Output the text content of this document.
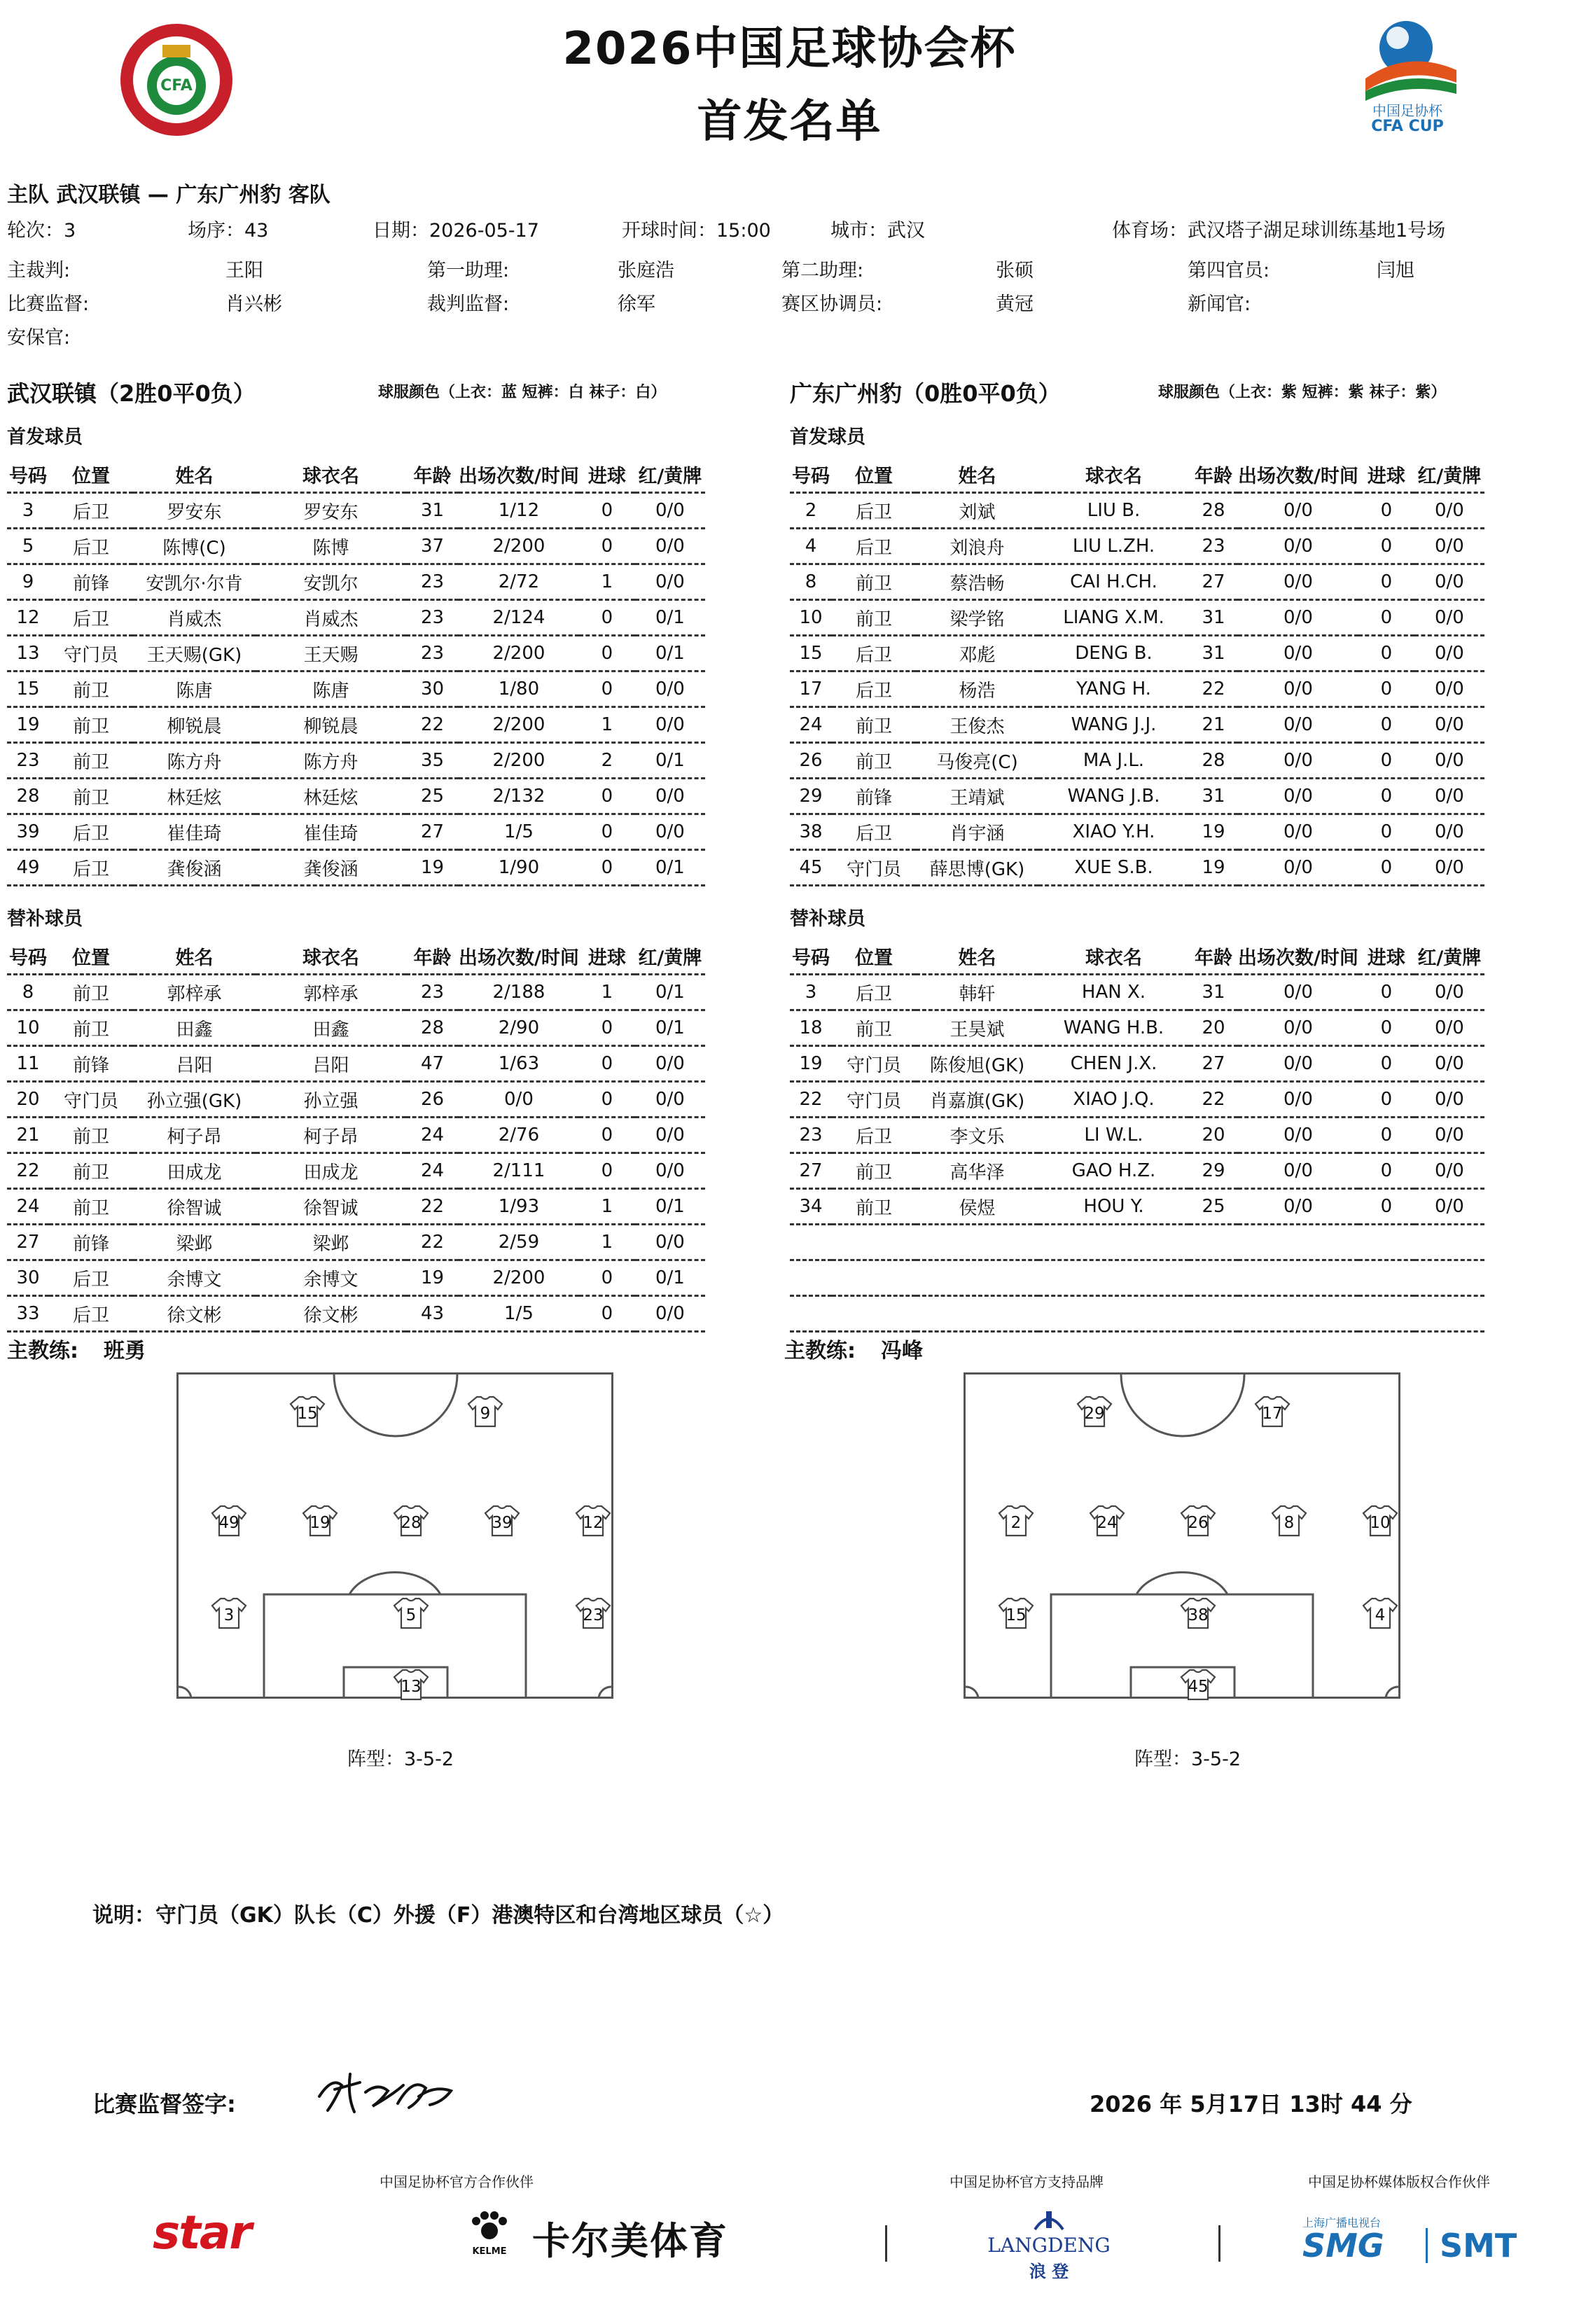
CFA
2026中国足球协会杯
首发名单	中国足协杯
CFA CUP
主队 武汉联镇 — 广东广州豹 客队
轮次：3	场序：43	日期：2026-05-17	开球时间：15:00	城市：武汉	体育场：武汉塔子湖足球训练基地1号场
主裁判:	王阳	第一助理:	张庭浩	第二助理:	张硕	第四官员:	闫旭
比赛监督:	肖兴彬	裁判监督:	徐军	赛区协调员:	黄冠	新闻官:
安保官:
武汉联镇（2胜0平0负）	球服颜色（上衣：蓝 短裤：白 袜子：白）	广东广州豹（0胜0平0负）	球服颜色（上衣：紫 短裤：紫 袜子：紫）
首发球员	首发球员
号码	位置	姓名	球衣名	年龄	出场次数/时间	进球	红/黄牌
3	后卫	罗安东	罗安东	31	1/12	0	0/0
5	后卫	陈博(C)	陈博	37	2/200	0	0/0
9	前锋	安凯尔·尔肯	安凯尔	23	2/72	1	0/0
12	后卫	肖威杰	肖威杰	23	2/124	0	0/1
13	守门员	王天赐(GK)	王天赐	23	2/200	0	0/1
15	前卫	陈唐	陈唐	30	1/80	0	0/0
19	前卫	柳锐晨	柳锐晨	22	2/200	1	0/0
23	前卫	陈方舟	陈方舟	35	2/200	2	0/1
28	前卫	林廷炫	林廷炫	25	2/132	0	0/0
39	后卫	崔佳琦	崔佳琦	27	1/5	0	0/0
49	后卫	龚俊涵	龚俊涵	19	1/90	0	0/1
号码	位置	姓名	球衣名	年龄	出场次数/时间	进球	红/黄牌
2	后卫	刘斌	LIU B.	28	0/0	0	0/0
4	后卫	刘浪舟	LIU L.ZH.	23	0/0	0	0/0
8	前卫	蔡浩畅	CAI H.CH.	27	0/0	0	0/0
10	前卫	梁学铭	LIANG X.M.	31	0/0	0	0/0
15	后卫	邓彪	DENG B.	31	0/0	0	0/0
17	后卫	杨浩	YANG H.	22	0/0	0	0/0
24	前卫	王俊杰	WANG J.J.	21	0/0	0	0/0
26	前卫	马俊亮(C)	MA J.L.	28	0/0	0	0/0
29	前锋	王靖斌	WANG J.B.	31	0/0	0	0/0
38	后卫	肖宇涵	XIAO Y.H.	19	0/0	0	0/0
45	守门员	薛思博(GK)	XUE S.B.	19	0/0	0	0/0
替补球员	替补球员
号码	位置	姓名	球衣名	年龄	出场次数/时间	进球	红/黄牌
8	前卫	郭梓承	郭梓承	23	2/188	1	0/1
10	前卫	田鑫	田鑫	28	2/90	0	0/1
11	前锋	吕阳	吕阳	47	1/63	0	0/0
20	守门员	孙立强(GK)	孙立强	26	0/0	0	0/0
21	前卫	柯子昂	柯子昂	24	2/76	0	0/0
22	前卫	田成龙	田成龙	24	2/111	0	0/0
24	前卫	徐智诚	徐智诚	22	1/93	1	0/1
27	前锋	梁邺	梁邺	22	2/59	1	0/0
30	后卫	余博文	余博文	19	2/200	0	0/1
33	后卫	徐文彬	徐文彬	43	1/5	0	0/0
号码	位置	姓名	球衣名	年龄	出场次数/时间	进球	红/黄牌
3	后卫	韩轩	HAN X.	31	0/0	0	0/0
18	前卫	王昊斌	WANG H.B.	20	0/0	0	0/0
19	守门员	陈俊旭(GK)	CHEN J.X.	27	0/0	0	0/0
22	守门员	肖嘉旗(GK)	XIAO J.Q.	22	0/0	0	0/0
23	后卫	李文乐	LI W.L.	20	0/0	0	0/0
27	前卫	高华泽	GAO H.Z.	29	0/0	0	0/0
34	前卫	侯煜	HOU Y.	25	0/0	0	0/0

主教练: 班勇	主教练: 冯峰
15	9
49	19	28	39	12
3	5	23
13
29	17
2	24	26	8	10
15	38	4
45
阵型：3-5-2	阵型：3-5-2
说明：守门员（GK）队长（C）外援（F）港澳特区和台湾地区球员（☆）
比赛监督签字:	2026 年 5月17日 13时 44 分
中国足协杯官方合作伙伴	中国足协杯官方支持品牌	中国足协杯媒体版权合作伙伴
star	KELME 卡尔美体育	LANGDENG
浪 登
上海广播电视台
SMG SMT
